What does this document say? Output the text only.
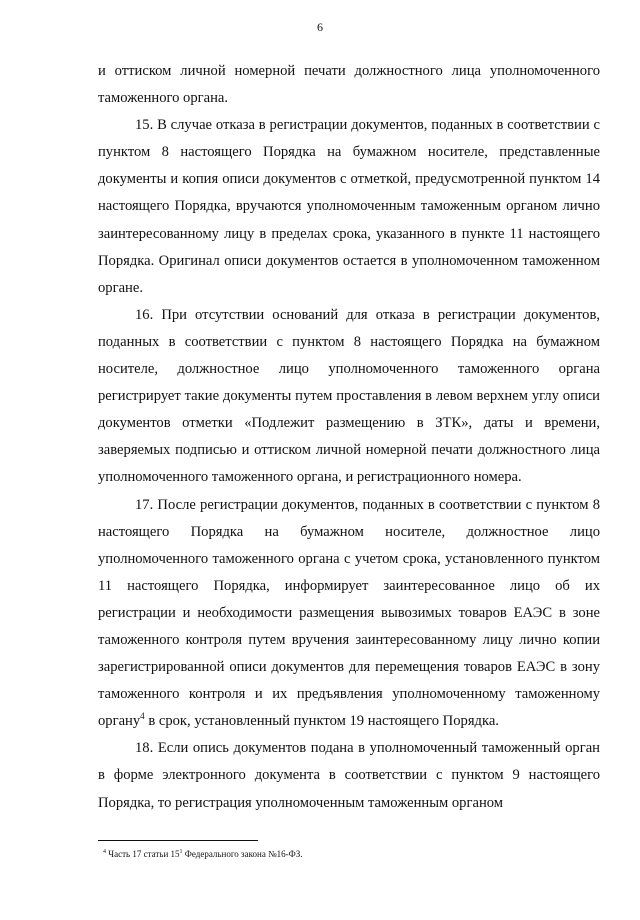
6

и оттиском личной номерной печати должностного лица уполномоченного таможенного органа.

15. В случае отказа в регистрации документов, поданных в соответствии с пунктом 8 настоящего Порядка на бумажном носителе, представленные документы и копия описи документов с отметкой, предусмотренной пунктом 14 настоящего Порядка, вручаются уполномоченным таможенным органом лично заинтересованному лицу в пределах срока, указанного в пункте 11 настоящего Порядка. Оригинал описи документов остается в уполномоченном таможенном органе.

16. При отсутствии оснований для отказа в регистрации документов, поданных в соответствии с пунктом 8 настоящего Порядка на бумажном носителе, должностное лицо уполномоченного таможенного органа регистрирует такие документы путем проставления в левом верхнем углу описи документов отметки «Подлежит размещению в ЗТК», даты и времени, заверяемых подписью и оттиском личной номерной печати должностного лица уполномоченного таможенного органа, и регистрационного номера.

17. После регистрации документов, поданных в соответствии с пунктом 8 настоящего Порядка на бумажном носителе, должностное лицо уполномоченного таможенного органа с учетом срока, установленного пунктом 11 настоящего Порядка, информирует заинтересованное лицо об их регистрации и необходимости размещения вывозимых товаров ЕАЭС в зоне таможенного контроля путем вручения заинтересованному лицу лично копии зарегистрированной описи документов для перемещения товаров ЕАЭС в зону таможенного контроля и их предъявления уполномоченному таможенному органу$^4$ в срок, установленный пунктом 19 настоящего Порядка.

18. Если опись документов подана в уполномоченный таможенный орган в форме электронного документа в соответствии с пунктом 9 настоящего Порядка, то регистрация уполномоченным таможенным органом

$^4$ Часть 17 статьи $15^1$ Федерального закона №16-ФЗ.
